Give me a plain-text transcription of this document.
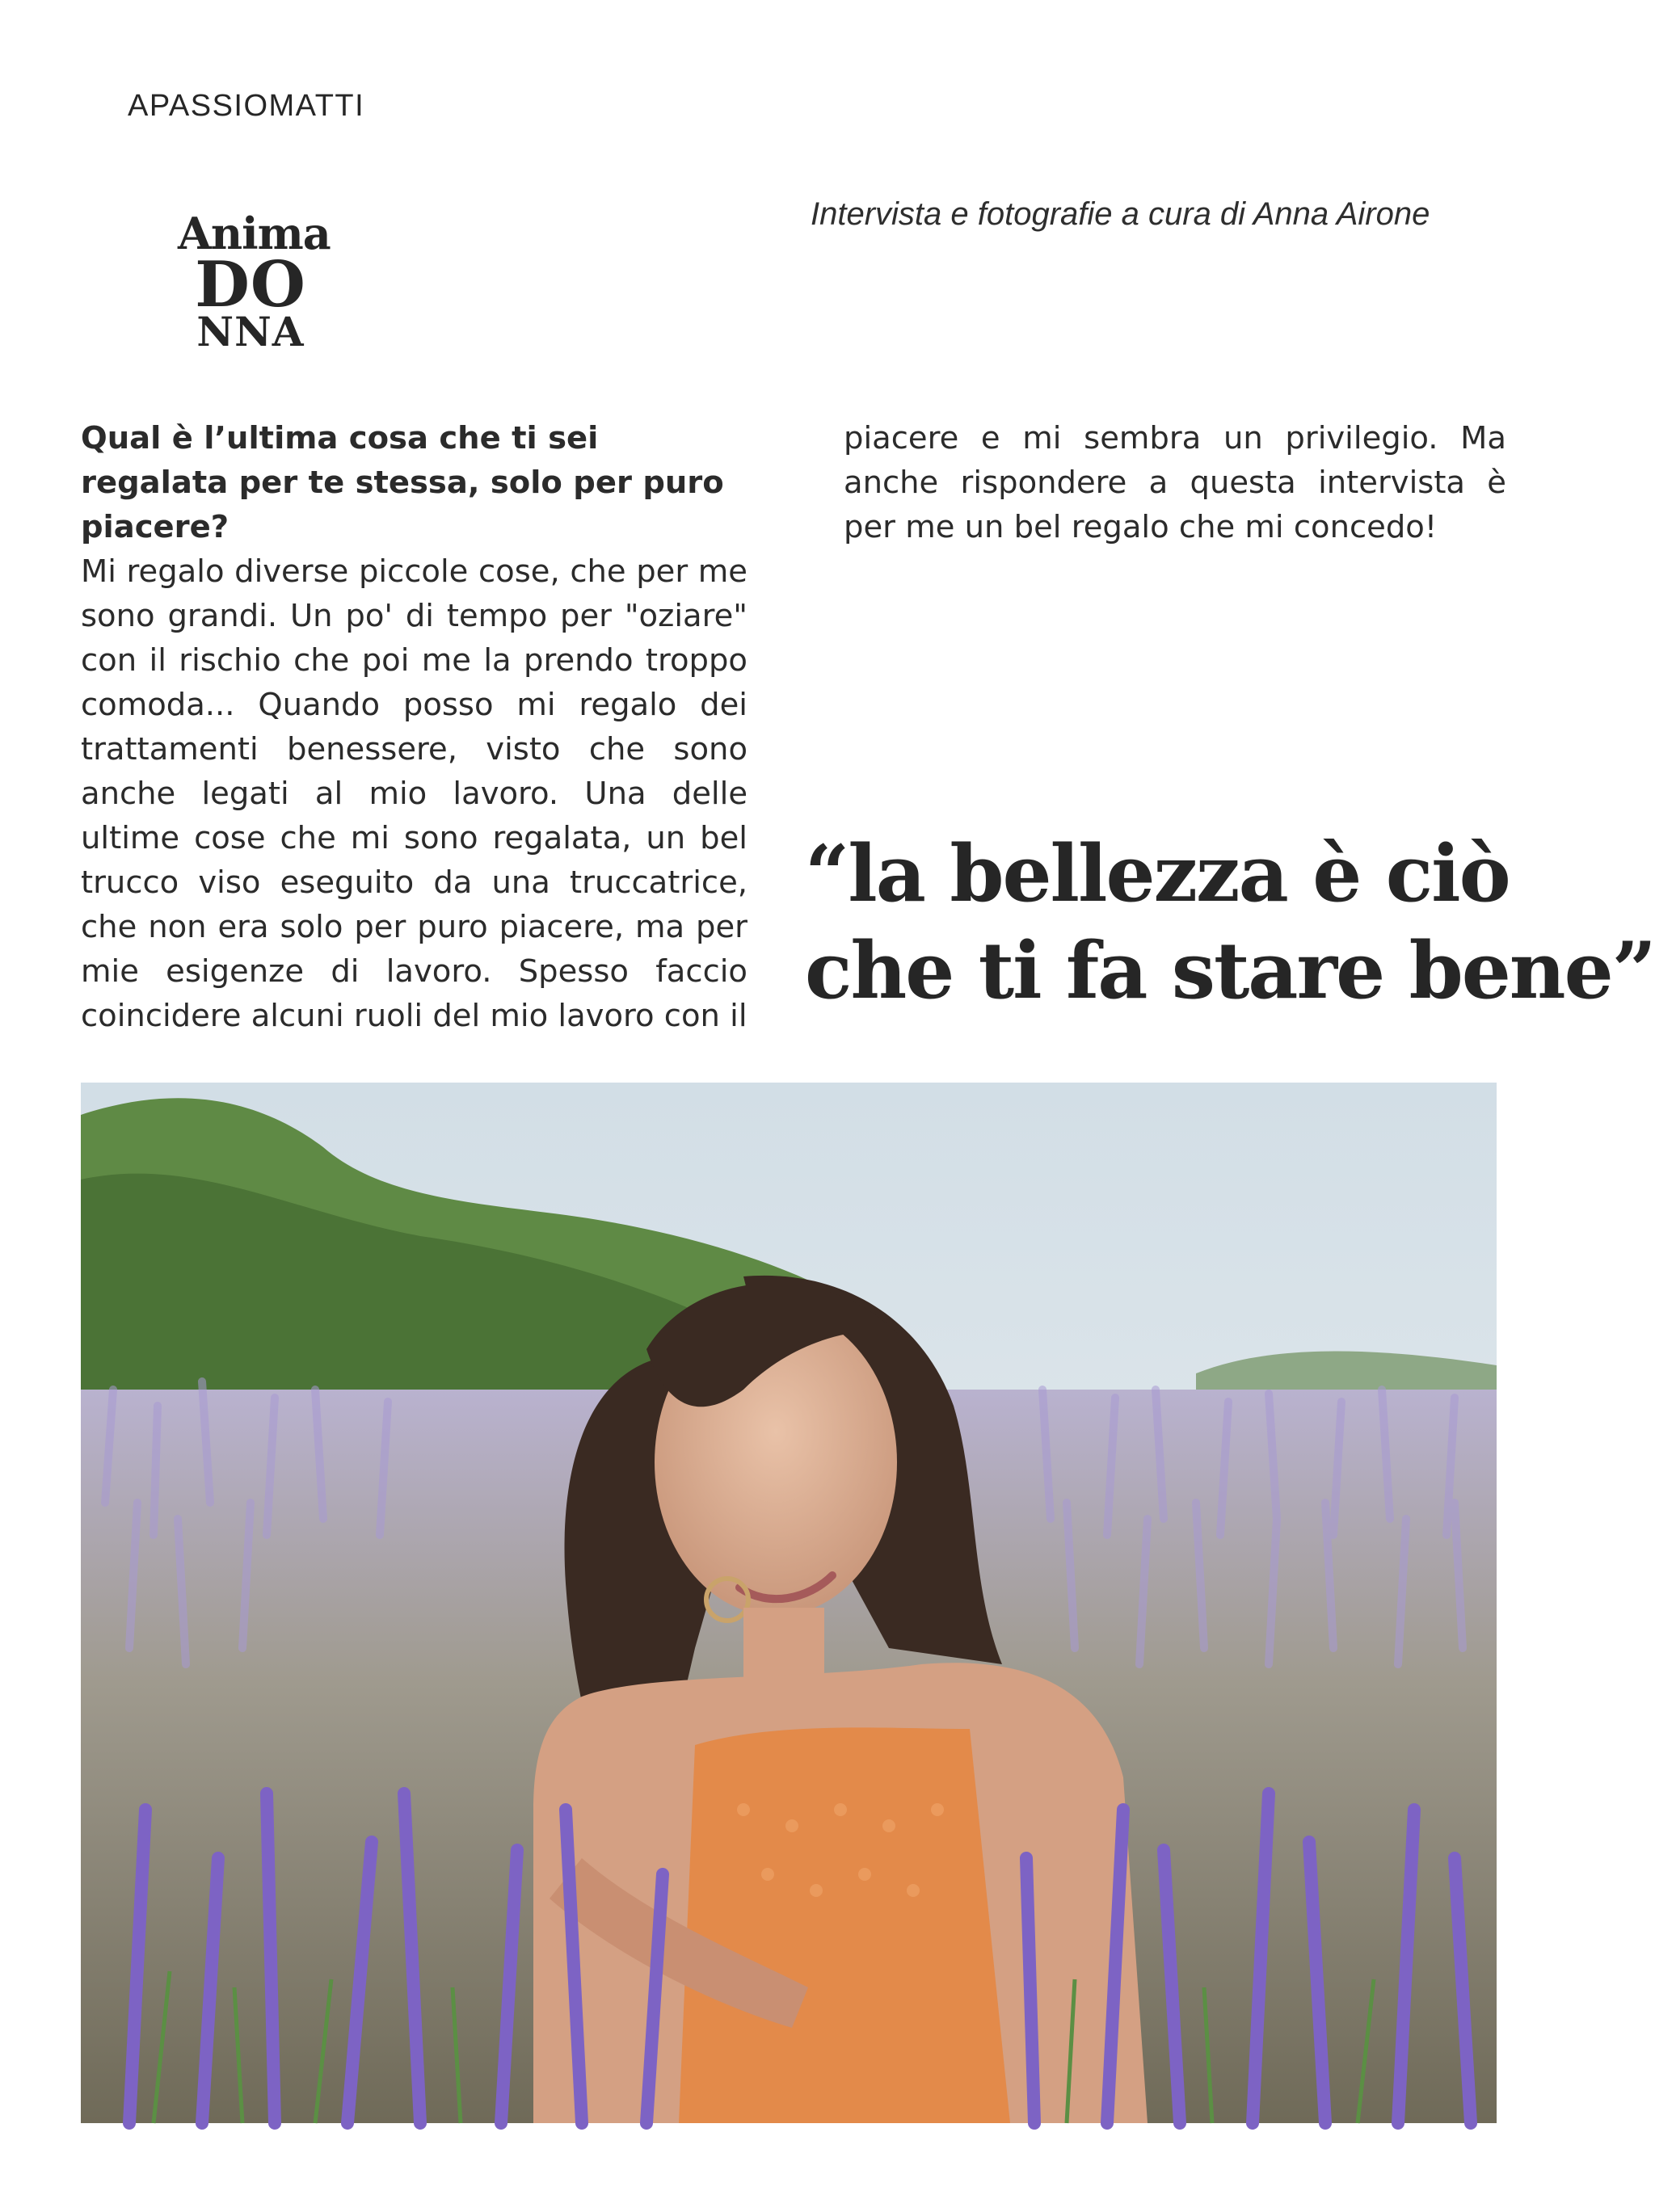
APASSIOMATTI
Anima
DO
NNA
Intervista e fotografie a cura di Anna Airone
Qual è l’ultima cosa che ti sei regalata per te stessa, solo per puro piacere?
Mi regalo diverse piccole cose, che per me sono grandi. Un po' di tempo per "oziare" con il rischio che poi me la prendo troppo comoda... Quando posso mi regalo dei trattamenti benessere, visto che sono anche legati al mio lavoro. Una delle ultime cose che mi sono regalata, un bel trucco viso eseguito da una truccatrice, che non era solo per puro piacere, ma per mie esigenze di lavoro. Spesso faccio coincidere alcuni ruoli del mio lavoro con il
piacere e mi sembra un privilegio. Ma anche rispondere a questa intervista è per me un bel regalo che mi concedo!
“la bellezza è ciò
che ti fa stare bene”
